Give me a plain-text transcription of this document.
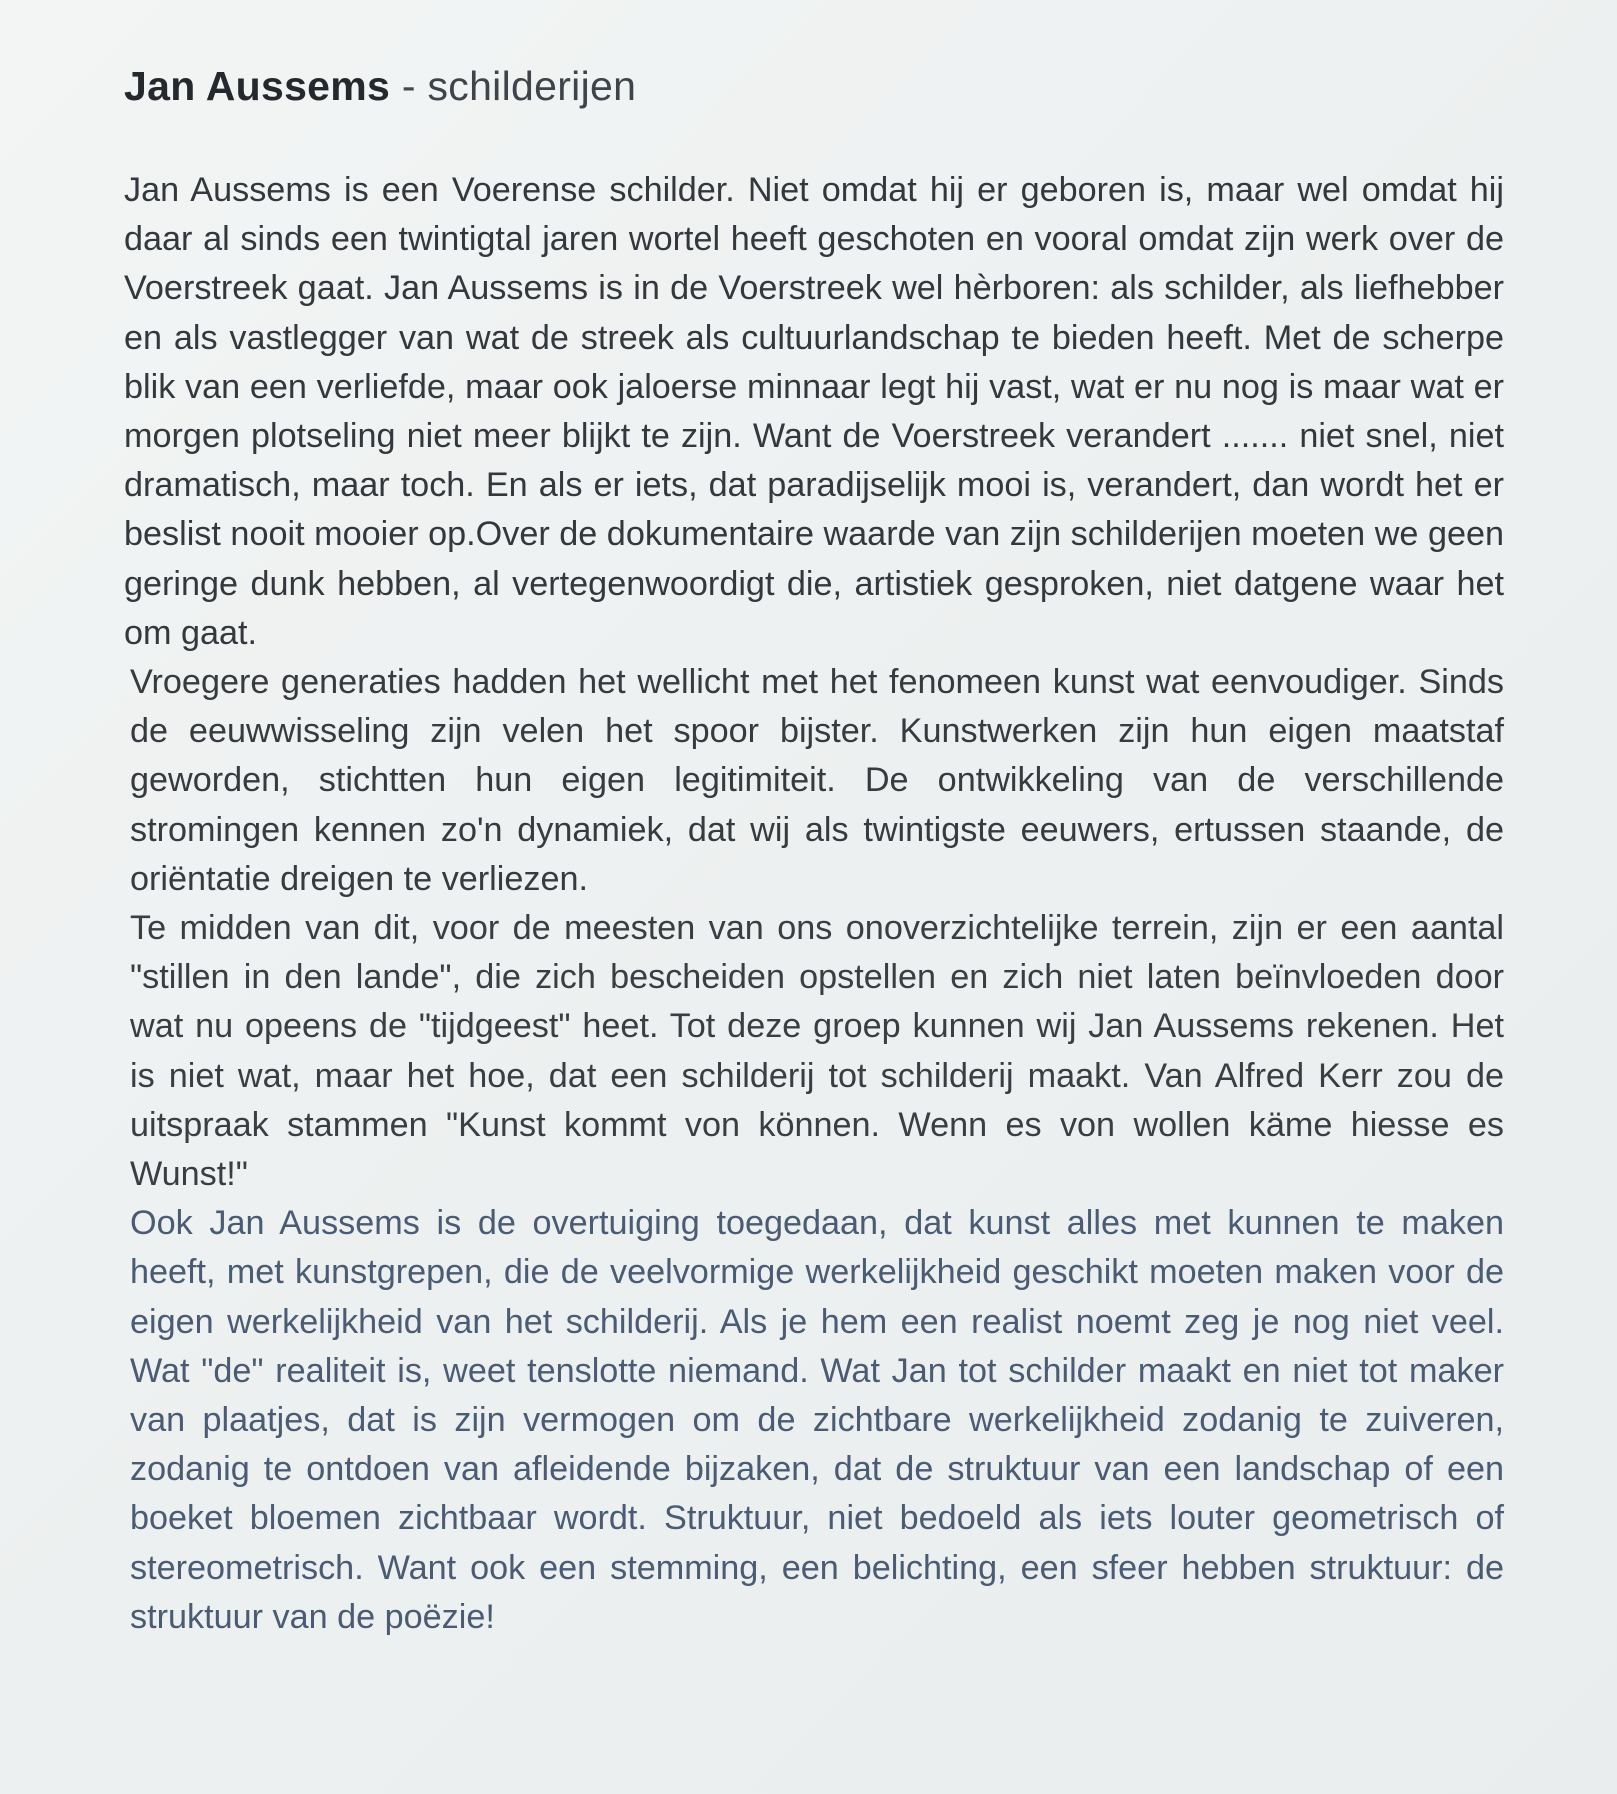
Jan Aussems - schilderijen

Jan Aussems is een Voerense schilder. Niet omdat hij er geboren is, maar wel omdat hij daar al sinds een twintigtal jaren wortel heeft geschoten en vooral omdat zijn werk over de Voerstreek gaat. Jan Aussems is in de Voerstreek wel hèrboren: als schilder, als liefhebber en als vastlegger van wat de streek als cultuurlandschap te bieden heeft. Met de scherpe blik van een verliefde, maar ook jaloerse minnaar legt hij vast, wat er nu nog is maar wat er morgen plotseling niet meer blijkt te zijn. Want de Voerstreek verandert ....... niet snel, niet dramatisch, maar toch. En als er iets, dat paradijselijk mooi is, verandert, dan wordt het er beslist nooit mooier op.Over de dokumentaire waarde van zijn schilderijen moeten we geen geringe dunk hebben, al vertegenwoordigt die, artistiek gesproken, niet datgene waar het om gaat.

Vroegere generaties hadden het wellicht met het fenomeen kunst wat eenvoudiger. Sinds de eeuwwisseling zijn velen het spoor bijster. Kunstwerken zijn hun eigen maatstaf geworden, stichtten hun eigen legitimiteit. De ontwikkeling van de verschillende stromingen kennen zo'n dynamiek, dat wij als twintigste eeuwers, ertussen staande, de oriëntatie dreigen te verliezen.

Te midden van dit, voor de meesten van ons onoverzichtelijke terrein, zijn er een aantal "stillen in den lande", die zich bescheiden opstellen en zich niet laten beïnvloeden door wat nu opeens de "tijdgeest" heet. Tot deze groep kunnen wij Jan Aussems rekenen. Het is niet wat, maar het hoe, dat een schilderij tot schilderij maakt. Van Alfred Kerr zou de uitspraak stammen "Kunst kommt von können. Wenn es von wollen käme hiesse es Wunst!"

Ook Jan Aussems is de overtuiging toegedaan, dat kunst alles met kunnen te maken heeft, met kunstgrepen, die de veelvormige werkelijkheid geschikt moeten maken voor de eigen werkelijkheid van het schilderij. Als je hem een realist noemt zeg je nog niet veel. Wat "de" realiteit is, weet tenslotte niemand. Wat Jan tot schilder maakt en niet tot maker van plaatjes, dat is zijn vermogen om de zichtbare werkelijkheid zodanig te zuiveren, zodanig te ontdoen van afleidende bijzaken, dat de struktuur van een landschap of een boeket bloemen zichtbaar wordt. Struktuur, niet bedoeld als iets louter geometrisch of stereometrisch. Want ook een stemming, een belichting, een sfeer hebben struktuur: de struktuur van de poëzie!
